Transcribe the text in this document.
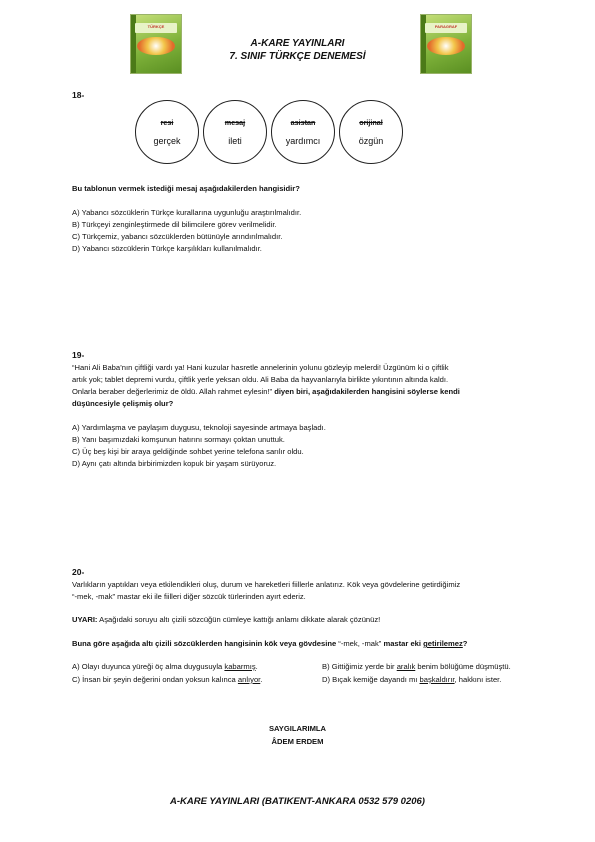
TÜRKÇE	PARAGRAF
A-KARE YAYINLARI
7. SINIF TÜRKÇE DENEMESİ
18-
resi
gerçek
mesaj
ileti
asistan
yardımcı
orijinal
özgün
Bu tablonun vermek istediği mesaj aşağıdakilerden hangisidir?
A) Yabancı sözcüklerin Türkçe kurallarına uygunluğu araştırılmalıdır.
B) Türkçeyi zenginleştirmede dil bilimcilere görev verilmelidir.
C) Türkçemiz, yabancı sözcüklerden bütünüyle arındırılmalıdır.
D) Yabancı sözcüklerin Türkçe karşılıkları kullanılmalıdır.
19-
“Hani Ali Baba’nın çiftliği vardı ya! Hani kuzular hasretle annelerinin yolunu gözleyip melerdi! Üzgünüm ki o çiftlik
artık yok; tablet depremi vurdu, çiftlik yerle yeksan oldu. Ali Baba da hayvanlarıyla birlikte yıkıntının altında kaldı.
Onlarla beraber değerlerimiz de öldü. Allah rahmet eylesin!” diyen biri, aşağıdakilerden hangisini söylerse kendi
düşüncesiyle çelişmiş olur?
A) Yardımlaşma ve paylaşım duygusu, teknoloji sayesinde artmaya başladı.
B) Yanı başımızdaki komşunun hatırını sormayı çoktan unuttuk.
C) Üç beş kişi bir araya geldiğinde sohbet yerine telefona sarılır oldu.
D) Aynı çatı altında birbirimizden kopuk bir yaşam sürüyoruz.
20-
Varlıkların yaptıkları veya etkilendikleri oluş, durum ve hareketleri fiillerle anlatırız. Kök veya gövdelerine getirdiğimiz
“-mek, -mak” mastar eki ile fiilleri diğer sözcük türlerinden ayırt ederiz.
UYARI: Aşağıdaki soruyu altı çizili sözcüğün cümleye kattığı anlamı dikkate alarak çözünüz!
Buna göre aşağıda altı çizili sözcüklerden hangisinin kök veya gövdesine “-mek, -mak” mastar eki getirilemez?
A) Olayı duyunca yüreği öç alma duygusuyla kabarmış.	B) Gittiğimiz yerde bir aralık benim bölüğüme düşmüştü.
C) İnsan bir şeyin değerini ondan yoksun kalınca anlıyor.	D) Bıçak kemiğe dayandı mı başkaldırır, hakkını ister.
SAYGILARIMLA
ÂDEM ERDEM
A-KARE YAYINLARI (BATIKENT-ANKARA 0532 579 0206)
